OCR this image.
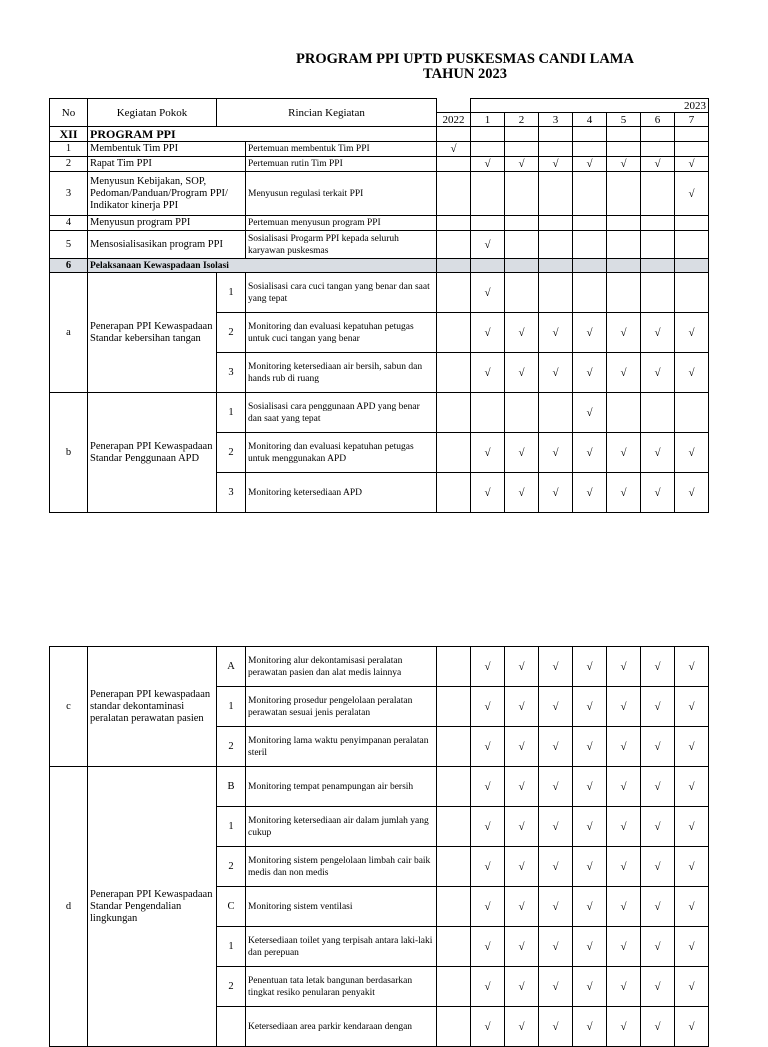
PROGRAM PPI UPTD PUSKESMAS CANDI LAMA
TAHUN 2023
No	Kegiatan Pokok	Rincian Kegiatan			2023						
				2022	1	2	3	4	5	6	7
XII	PROGRAM PPI										
1	Membentuk Tim PPI		Pertemuan membentuk Tim PPI	√							
2	Rapat Tim PPI		Pertemuan rutin Tim PPI		√	√	√	√	√	√	√
3	Menyusun Kebijakan, SOP, Pedoman/Panduan/Program PPI/ Indikator kinerja PPI		Menyusun regulasi terkait PPI								√
4	Menyusun program PPI		Pertemuan menyusun program PPI								
5	Mensosialisasikan program PPI		Sosialisasi Progarm PPI kepada seluruh karyawan puskesmas		√						
6	Pelaksanaan Kewaspadaan Isolasi										
a	Penerapan PPI Kewaspadaan Standar kebersihan tangan	1	Sosialisasi cara cuci tangan yang benar dan saat yang tepat		√						
		2	Monitoring dan evaluasi kepatuhan petugas untuk cuci tangan yang benar		√	√	√	√	√	√	√
		3	Monitoring ketersediaan air bersih, sabun dan hands rub di ruang		√	√	√	√	√	√	√
b	Penerapan PPI Kewaspadaan Standar Penggunaan APD	1	Sosialisasi cara penggunaan APD yang benar dan saat yang tepat					√			
		2	Monitoring dan evaluasi kepatuhan petugas untuk menggunakan APD		√	√	√	√	√	√	√
		3	Monitoring ketersediaan APD		√	√	√	√	√	√	√
c	Penerapan PPI kewaspadaan standar dekontaminasi peralatan perawatan pasien	A	Monitoring alur dekontamisasi peralatan perawatan pasien dan alat medis lainnya		√	√	√	√	√	√	√
		1	Monitoring prosedur pengelolaan peralatan perawatan sesuai jenis peralatan		√	√	√	√	√	√	√
		2	Monitoring lama waktu penyimpanan peralatan steril		√	√	√	√	√	√	√
d	Penerapan PPI Kewaspadaan Standar Pengendalian lingkungan	B	Monitoring tempat penampungan air bersih		√	√	√	√	√	√	√
		1	Monitoring ketersediaan air dalam jumlah yang cukup		√	√	√	√	√	√	√
		2	Monitoring sistem pengelolaan limbah cair baik medis dan non medis		√	√	√	√	√	√	√
		C	Monitoring sistem ventilasi		√	√	√	√	√	√	√
		1	Ketersediaan toilet yang terpisah antara laki-laki dan perepuan		√	√	√	√	√	√	√
		2	Penentuan tata letak bangunan berdasarkan tingkat resiko penularan penyakit		√	√	√	√	√	√	√
			Ketersediaan area parkir kendaraan dengan		√	√	√	√	√	√	√
